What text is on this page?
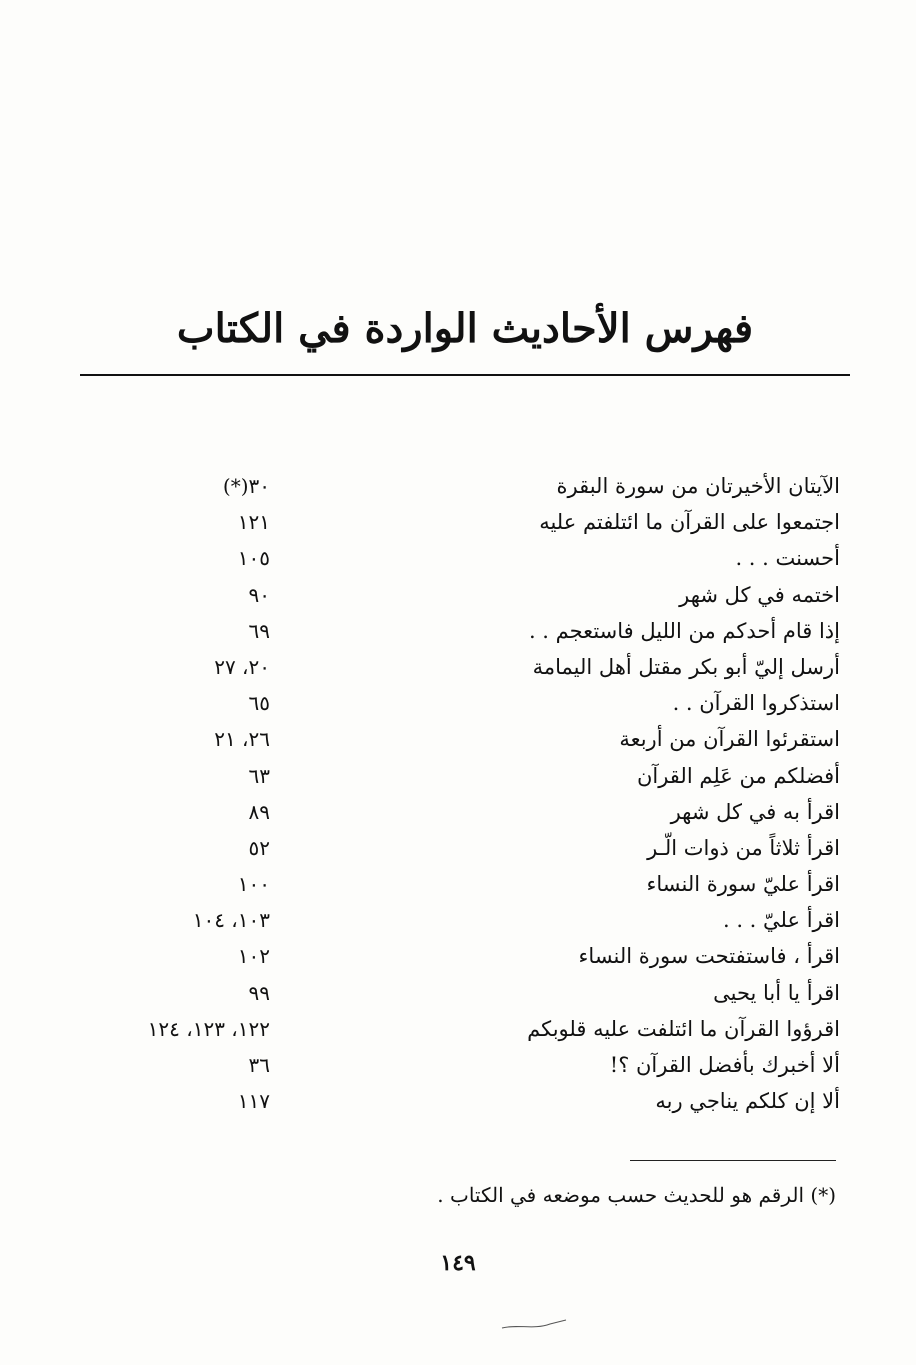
فهرس الأحاديث الواردة في الكتاب
الآيتان الأخيرتان من سورة البقرة
٣٠(*)
اجتمعوا على القرآن ما ائتلفتم عليه
١٢١
أحسنت . . .
١٠٥
اختمه في كل شهر
٩٠
إذا قام أحدكم من الليل فاستعجم . .
٦٩
أرسل إليّ أبو بكر مقتل أهل اليمامة
٢٠، ٢٧
استذكروا القرآن . .
٦٥
استقرئوا القرآن من أربعة
٢٦، ٢١
أفضلكم من عَلِم القرآن
٦٣
اقرأ به في كل شهر
٨٩
اقرأ ثلاثاً من ذوات الّـر
٥٢
اقرأ عليّ سورة النساء
١٠٠
اقرأ عليّ . . .
١٠٣، ١٠٤
اقرأ ، فاستفتحت سورة النساء
١٠٢
اقرأ يا أبا يحيى
٩٩
اقرؤوا القرآن ما ائتلفت عليه قلوبكم
١٢٢، ١٢٣، ١٢٤
ألا أخبرك بأفضل القرآن ؟!
٣٦
ألا إن كلكم يناجي ربه
١١٧
(*) الرقم هو للحديث حسب موضعه في الكتاب .
١٤٩
